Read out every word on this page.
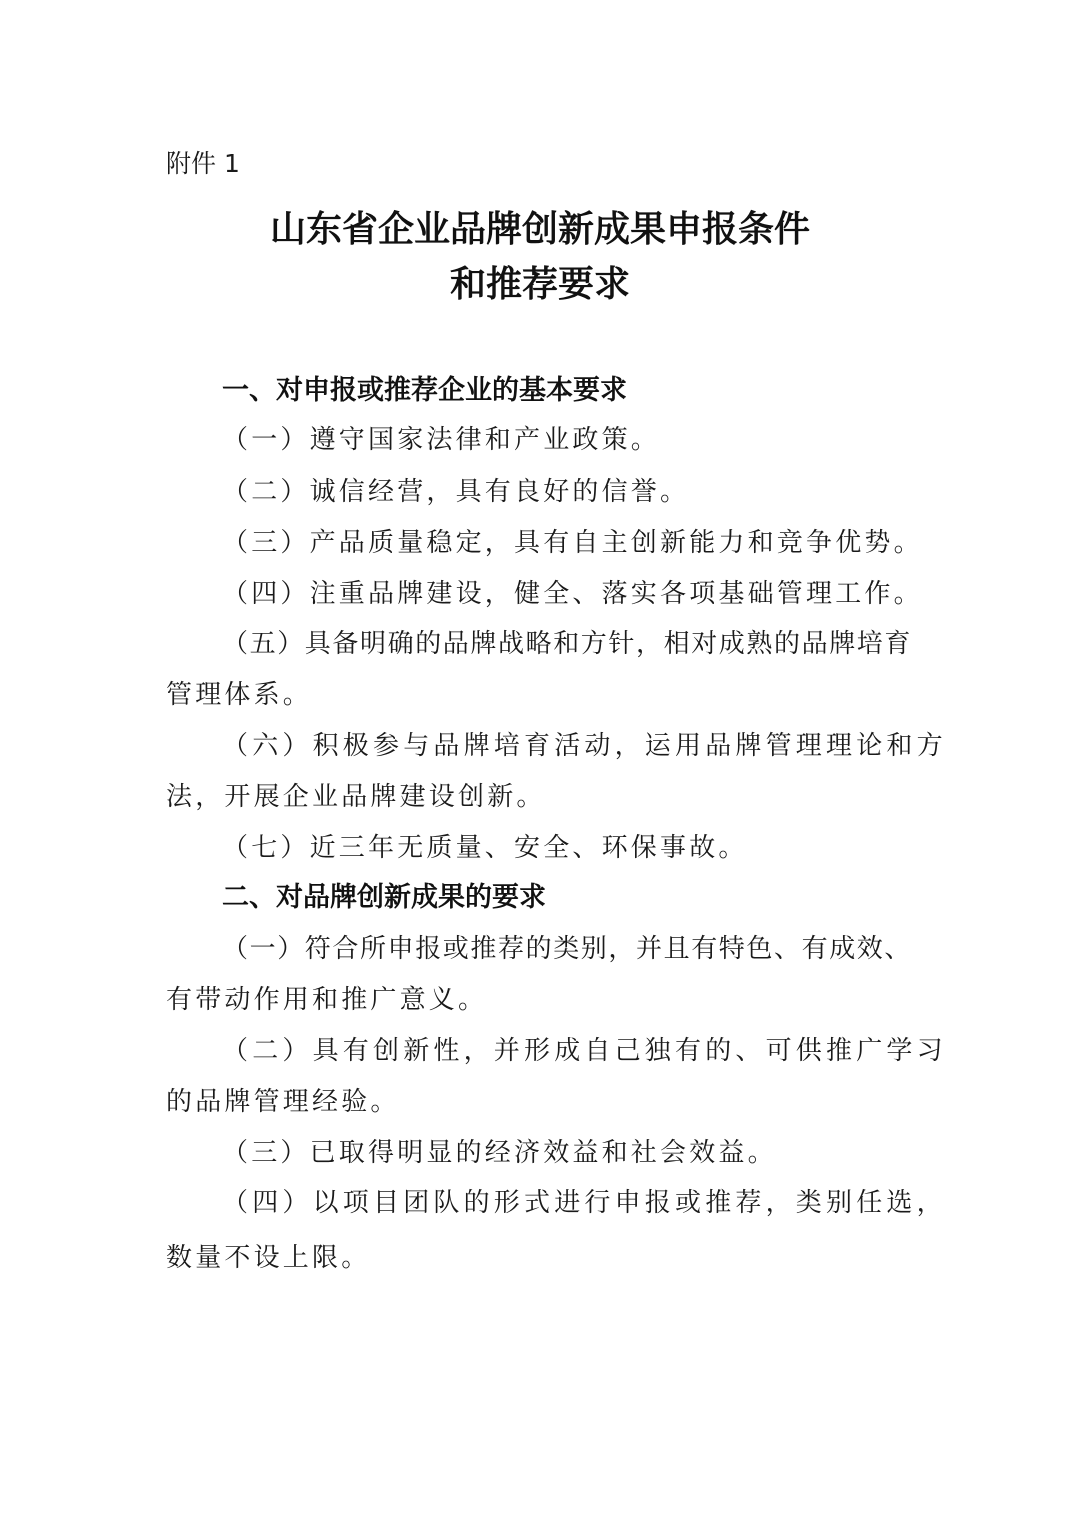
附件 1
山东省企业品牌创新成果申报条件
和推荐要求
一、对申报或推荐企业的基本要求
（一）遵守国家法律和产业政策。
（二）诚信经营，具有良好的信誉。
（三）产品质量稳定，具有自主创新能力和竞争优势。
（四）注重品牌建设，健全、落实各项基础管理工作。
（五）具备明确的品牌战略和方针，相对成熟的品牌培育
管理体系。
（六）积极参与品牌培育活动，运用品牌管理理论和方
法，开展企业品牌建设创新。
（七）近三年无质量、安全、环保事故。
二、对品牌创新成果的要求
（一）符合所申报或推荐的类别，并且有特色、有成效、
有带动作用和推广意义。
（二）具有创新性，并形成自己独有的、可供推广学习
的品牌管理经验。
（三）已取得明显的经济效益和社会效益。
（四）以项目团队的形式进行申报或推荐，类别任选，
数量不设上限。
